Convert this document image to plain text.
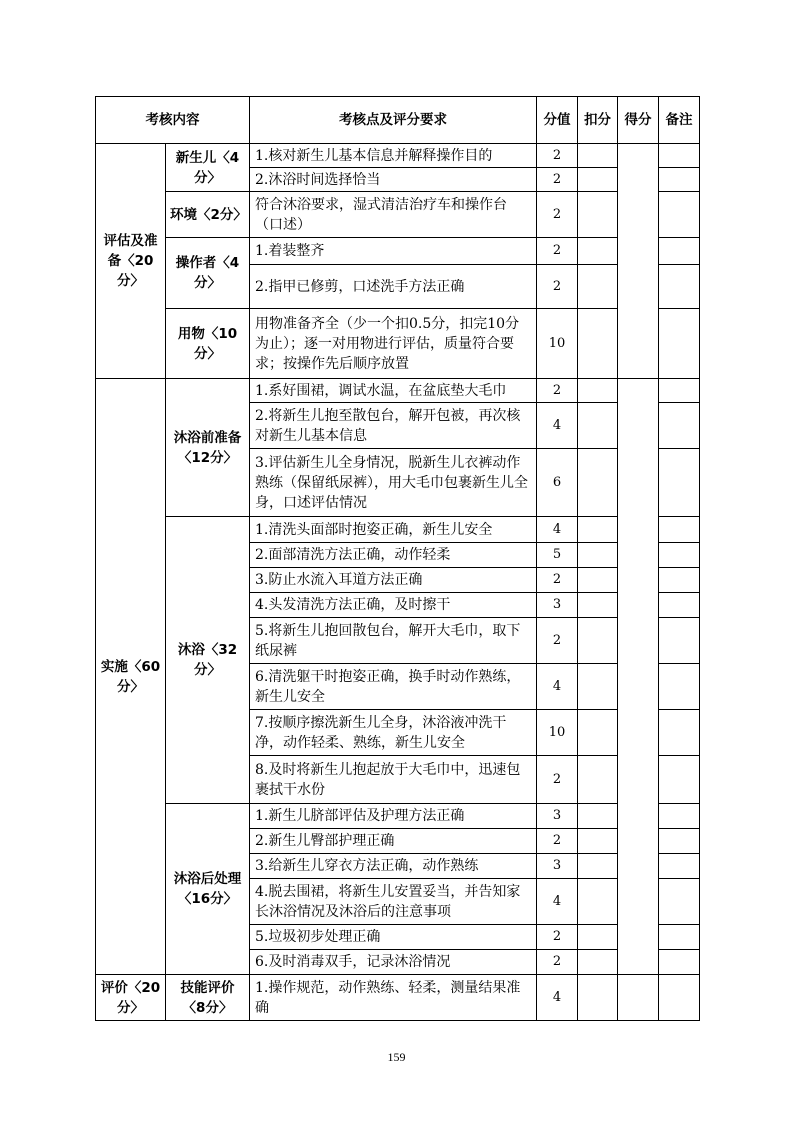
考核内容		考核点及评分要求	分值	扣分	得分	备注
评估及准备〈20分〉	新生儿〈4分〉	1.核对新生儿基本信息并解释操作目的	2			
		2.沐浴时间选择恰当	2			
	环境〈2分〉	符合沐浴要求，湿式清洁治疗车和操作台（口述）	2			
	操作者〈4分〉	1.着装整齐	2			
		2.指甲已修剪，口述洗手方法正确	2			
	用物〈10分〉	用物准备齐全（少一个扣0.5分，扣完10分为止）；逐一对用物进行评估，质量符合要求；按操作先后顺序放置	10			

实施〈60分〉	沐浴前准备〈12分〉	1.系好围裙，调试水温，在盆底垫大毛巾	2			
		2.将新生儿抱至散包台，解开包被，再次核对新生儿基本信息	4			
		3.评估新生儿全身情况，脱新生儿衣裤动作熟练（保留纸尿裤），用大毛巾包裹新生儿全身，口述评估情况	6			
	沐浴〈32分〉	1.清洗头面部时抱姿正确，新生儿安全	4			
		2.面部清洗方法正确，动作轻柔	5			
		3.防止水流入耳道方法正确	2			
		4.头发清洗方法正确，及时擦干	3			
		5.将新生儿抱回散包台，解开大毛巾，取下纸尿裤	2			
		6.清洗躯干时抱姿正确，换手时动作熟练，新生儿安全	4			
		7.按顺序擦洗新生儿全身，沐浴液冲洗干净，动作轻柔、熟练，新生儿安全	10			
		8.及时将新生儿抱起放于大毛巾中，迅速包裹拭干水份	2			
	沐浴后处理〈16分〉	1.新生儿脐部评估及护理方法正确	3			
		2.新生儿臀部护理正确	2			
		3.给新生儿穿衣方法正确，动作熟练	3			
		4.脱去围裙，将新生儿安置妥当，并告知家长沐浴情况及沐浴后的注意事项	4			
		5.垃圾初步处理正确	2			
		6.及时消毒双手，记录沐浴情况	2			
评价〈20分〉	技能评价〈8分〉	1.操作规范，动作熟练、轻柔，测量结果准确	4			
159
